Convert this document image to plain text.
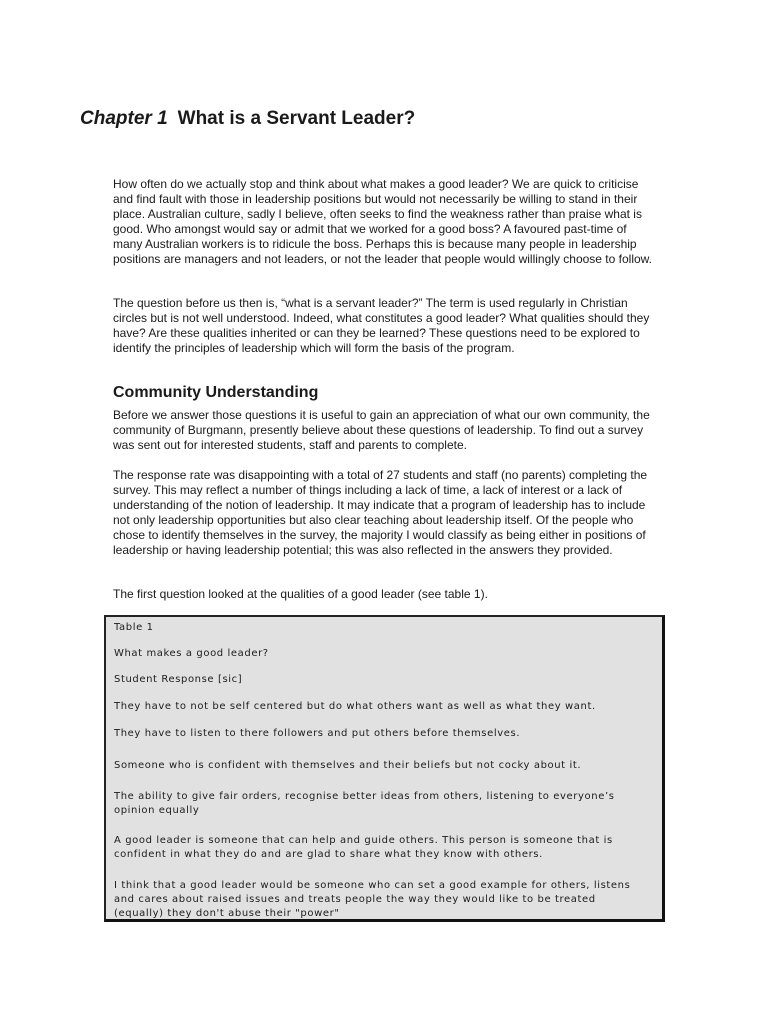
Chapter 1 What is a Servant Leader?

How often do we actually stop and think about what makes a good leader? We are quick to criticise and find fault with those in leadership positions but would not necessarily be willing to stand in their place. Australian culture, sadly I believe, often seeks to find the weakness rather than praise what is good. Who amongst would say or admit that we worked for a good boss? A favoured past-time of many Australian workers is to ridicule the boss. Perhaps this is because many people in leadership positions are managers and not leaders, or not the leader that people would willingly choose to follow.

The question before us then is, “what is a servant leader?” The term is used regularly in Christian circles but is not well understood. Indeed, what constitutes a good leader? What qualities should they have? Are these qualities inherited or can they be learned? These questions need to be explored to identify the principles of leadership which will form the basis of the program.

Community Understanding

Before we answer those questions it is useful to gain an appreciation of what our own community, the community of Burgmann, presently believe about these questions of leadership. To find out a survey was sent out for interested students, staff and parents to complete.

The response rate was disappointing with a total of 27 students and staff (no parents) completing the survey. This may reflect a number of things including a lack of time, a lack of interest or a lack of understanding of the notion of leadership. It may indicate that a program of leadership has to include not only leadership opportunities but also clear teaching about leadership itself. Of the people who chose to identify themselves in the survey, the majority I would classify as being either in positions of leadership or having leadership potential; this was also reflected in the answers they provided.

The first question looked at the qualities of a good leader (see table 1).

Table 1

What makes a good leader?

Student Response [sic]

They have to not be self centered but do what others want as well as what they want.

They have to listen to there followers and put others before themselves.

Someone who is confident with themselves and their beliefs but not cocky about it.

The ability to give fair orders, recognise better ideas from others, listening to everyone’s opinion equally

A good leader is someone that can help and guide others. This person is someone that is confident in what they do and are glad to share what they know with others.

I think that a good leader would be someone who can set a good example for others, listens and cares about raised issues and treats people the way they would like to be treated (equally) they don't abuse their "power"
